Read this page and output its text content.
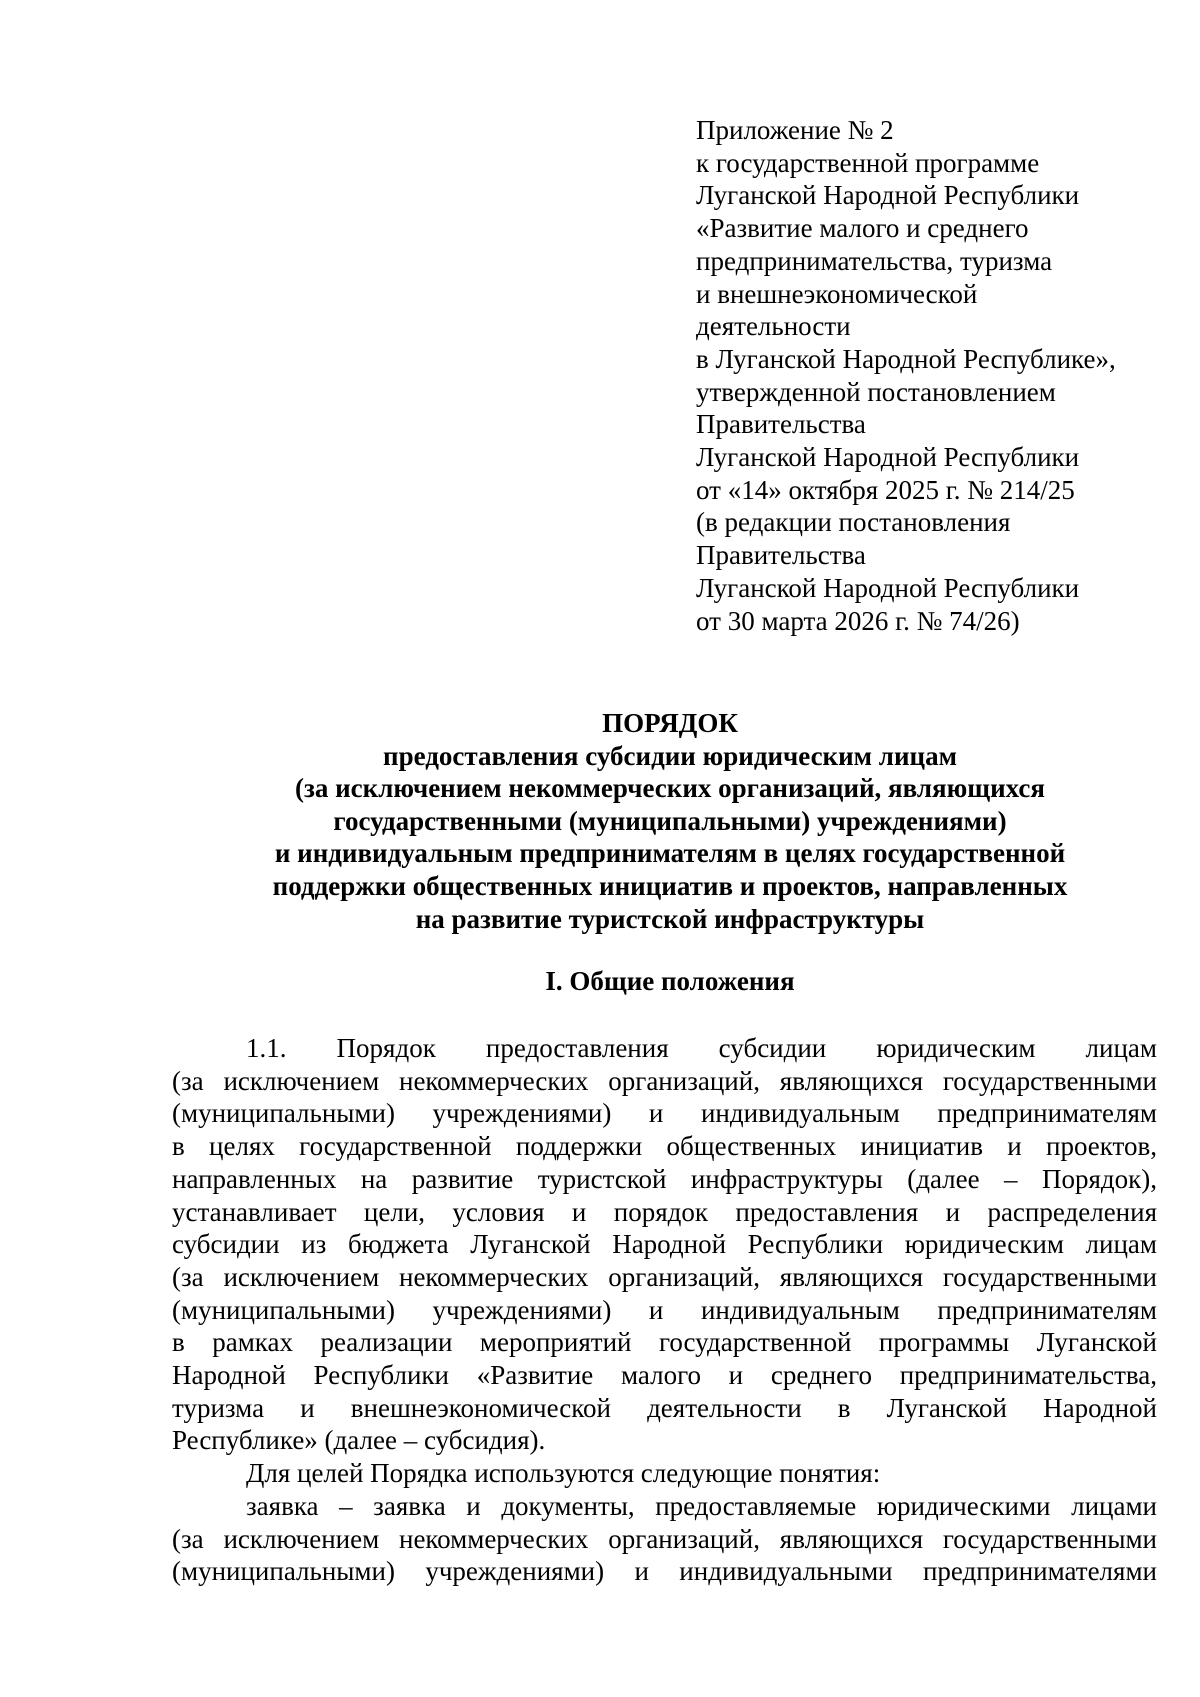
Приложение № 2
к государственной программе
Луганской Народной Республики
«Развитие малого и среднего
предпринимательства, туризма
и внешнеэкономической
деятельности
в Луганской Народной Республике»,
утвержденной постановлением
Правительства
Луганской Народной Республики
от «14» октября 2025 г. № 214/25
(в редакции постановления
Правительства
Луганской Народной Республики
от 30 марта 2026 г. № 74/26)
ПОРЯДОК
предоставления субсидии юридическим лицам
(за исключением некоммерческих организаций, являющихся
государственными (муниципальными) учреждениями)
и индивидуальным предпринимателям в целях государственной
поддержки общественных инициатив и проектов, направленных
на развитие туристской инфраструктуры
I. Общие положения
1.1. Порядок предоставления субсидии юридическим лицам
(за исключением некоммерческих организаций, являющихся государственными
(муниципальными) учреждениями) и индивидуальным предпринимателям
в целях государственной поддержки общественных инициатив и проектов,
направленных на развитие туристской инфраструктуры (далее – Порядок),
устанавливает цели, условия и порядок предоставления и распределения
субсидии из бюджета Луганской Народной Республики юридическим лицам
(за исключением некоммерческих организаций, являющихся государственными
(муниципальными) учреждениями) и индивидуальным предпринимателям
в рамках реализации мероприятий государственной программы Луганской
Народной Республики «Развитие малого и среднего предпринимательства,
туризма и внешнеэкономической деятельности в Луганской Народной
Республике» (далее – субсидия).
Для целей Порядка используются следующие понятия:
заявка – заявка и документы, предоставляемые юридическими лицами
(за исключением некоммерческих организаций, являющихся государственными
(муниципальными) учреждениями) и индивидуальными предпринимателями
